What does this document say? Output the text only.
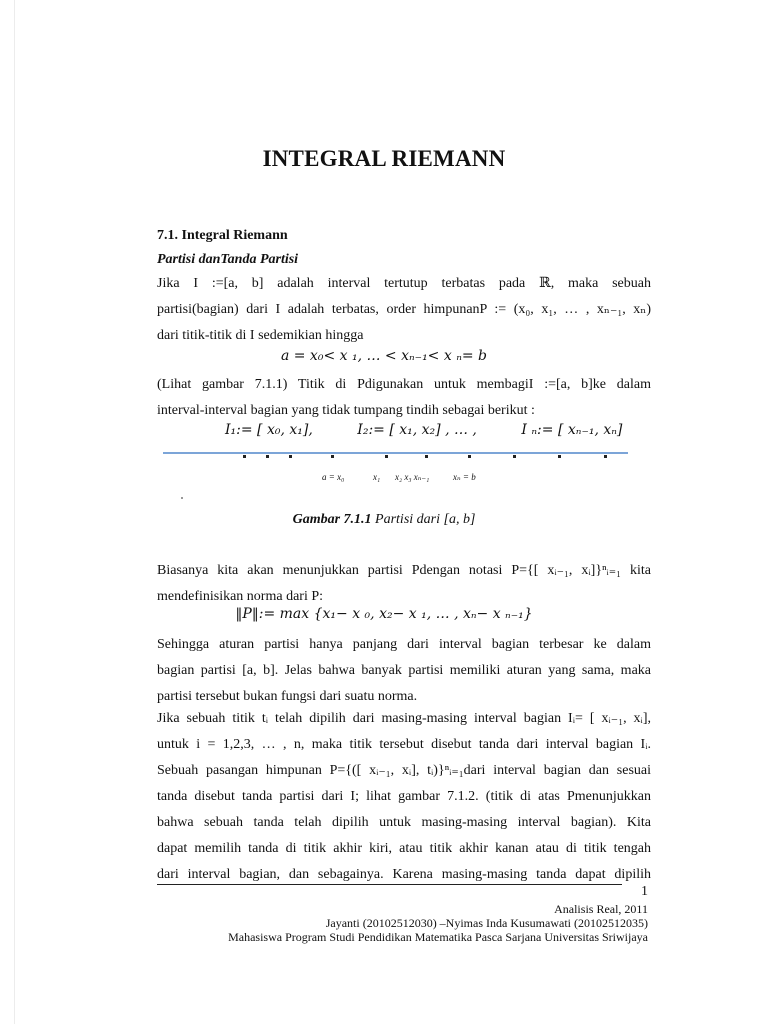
INTEGRAL RIEMANN
7.1. Integral Riemann
Partisi danTanda Partisi
Jika I :=[a, b] adalah interval tertutup terbatas pada ℝ, maka sebuah
partisi(bagian) dari I adalah terbatas, order himpunanP := (x₀, x₁, … , xₙ₋₁, xₙ)
dari titik-titik di I sedemikian hingga
a = x₀< x ₁, … < xₙ₋₁< x ₙ= b
(Lihat gambar 7.1.1) Titik di Pdigunakan untuk membagiI :=[a, b]ke dalam
interval-interval bagian yang tidak tumpang tindih sebagai berikut :
I₁:= [ x₀, x₁],	I₂:= [ x₁, x₂] , … ,	I ₙ:= [ xₙ₋₁, xₙ]
a = x₀	x₁ x₂ x₃ xₙ₋₁	xₙ = b
Gambar 7.1.1 Partisi dari [a, b]
Biasanya kita akan menunjukkan partisi Pdengan notasi P={[ xᵢ₋₁, xᵢ]}ⁿᵢ₌₁ kita
mendefinisikan norma dari P:
‖P‖:= max {x₁− x ₀, x₂− x ₁, … , xₙ− x ₙ₋₁}
Sehingga aturan partisi hanya panjang dari interval bagian terbesar ke dalam
bagian partisi [a, b]. Jelas bahwa banyak partisi memiliki aturan yang sama, maka
partisi tersebut bukan fungsi dari suatu norma.
Jika sebuah titik tᵢ telah dipilih dari masing-masing interval bagian Iᵢ= [ xᵢ₋₁, xᵢ],
untuk i = 1,2,3, … , n, maka titik tersebut disebut tanda dari interval bagian Iᵢ.
Sebuah pasangan himpunan P={([ xᵢ₋₁, xᵢ], tᵢ)}ⁿᵢ₌₁dari interval bagian dan sesuai
tanda disebut tanda partisi dari I; lihat gambar 7.1.2. (titik di atas Pmenunjukkan
bahwa sebuah tanda telah dipilih untuk masing-masing interval bagian). Kita
dapat memilih tanda di titik akhir kiri, atau titik akhir kanan atau di titik tengah
dari interval bagian, dan sebagainya. Karena masing-masing tanda dapat dipilih
1
Analisis Real, 2011
Jayanti (20102512030) –Nyimas Inda Kusumawati (20102512035)
Mahasiswa Program Studi Pendidikan Matematika Pasca Sarjana Universitas Sriwijaya
